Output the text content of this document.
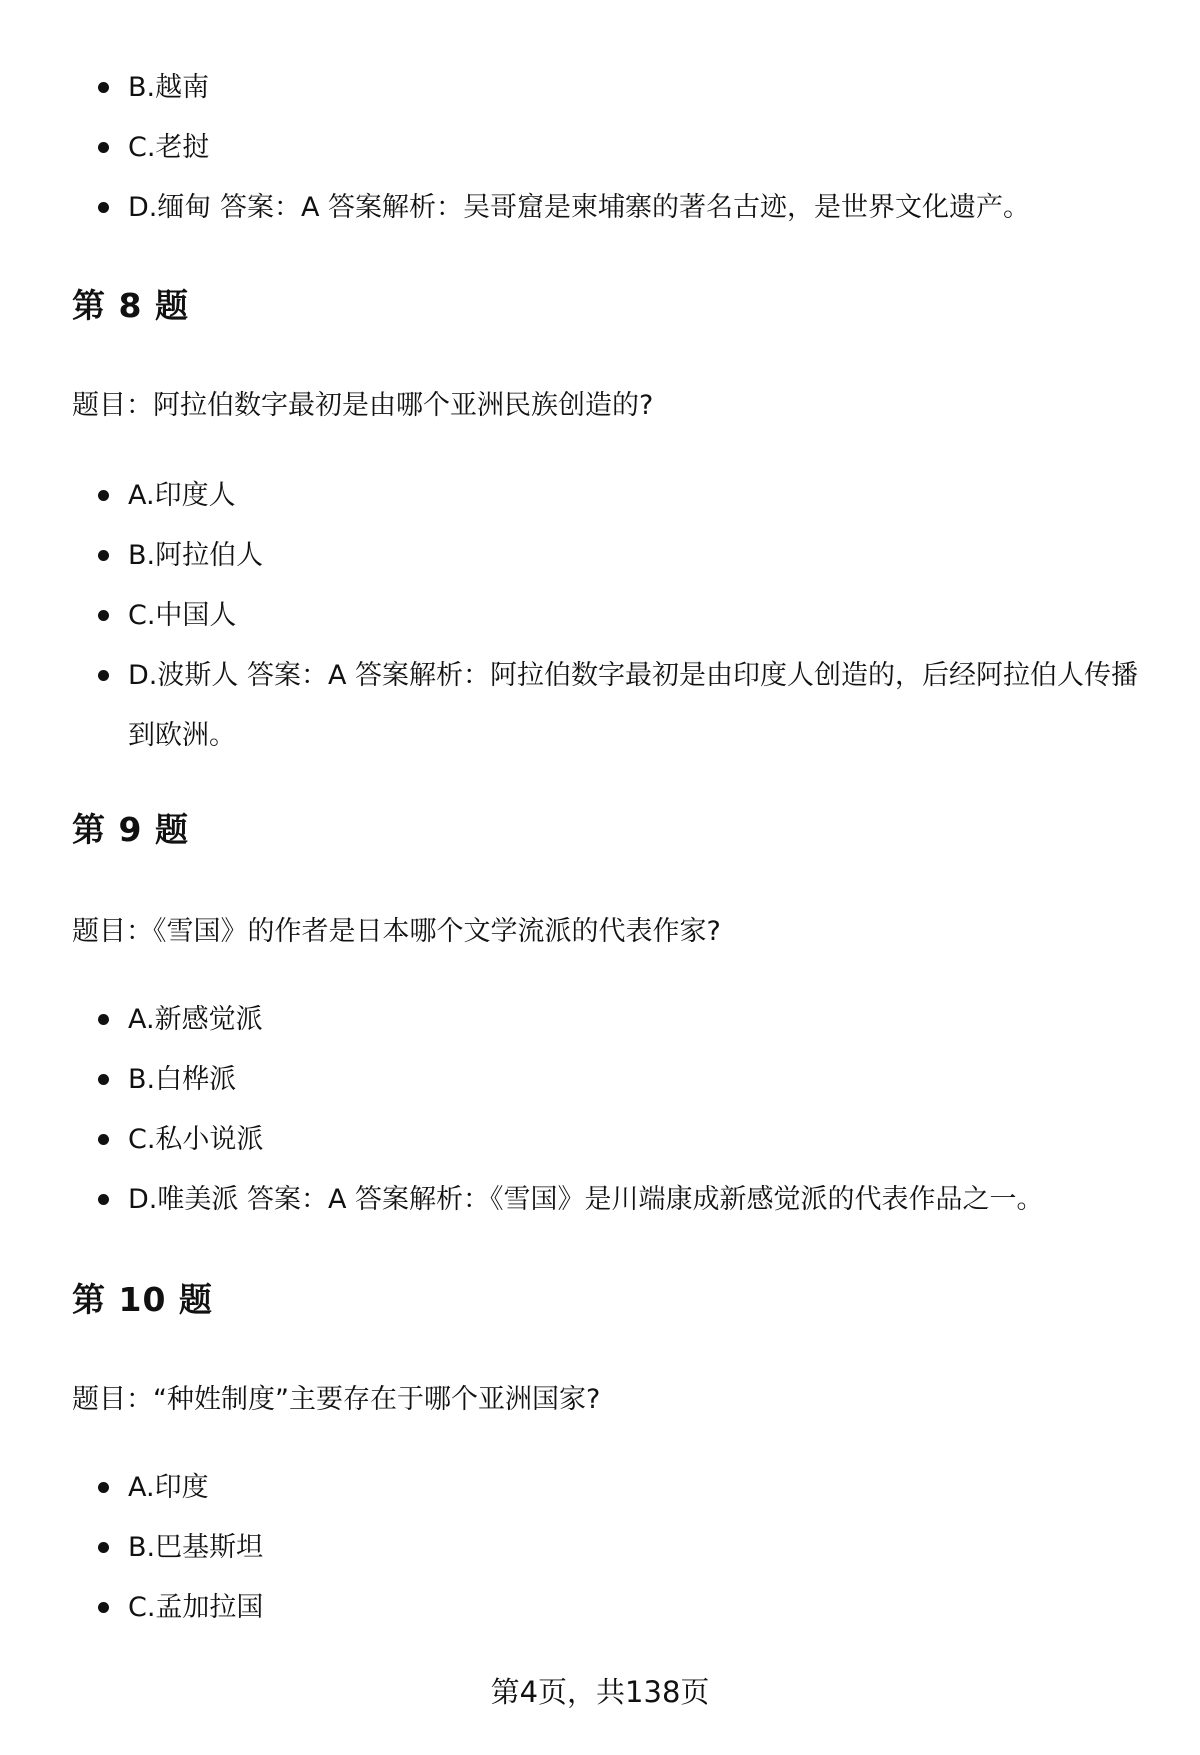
B.越南
C.老挝
D.缅甸 答案：A 答案解析：吴哥窟是柬埔寨的著名古迹，是世界文化遗产。
第 8 题

题目：阿拉伯数字最初是由哪个亚洲民族创造的?

A.印度人
B.阿拉伯人
C.中国人
D.波斯人 答案：A 答案解析：阿拉伯数字最初是由印度人创造的，后经阿拉伯人传播到欧洲。
第 9 题

题目：《雪国》的作者是日本哪个文学流派的代表作家?

A.新感觉派
B.白桦派
C.私小说派
D.唯美派 答案：A 答案解析：《雪国》是川端康成新感觉派的代表作品之一。
第 10 题

题目：“种姓制度”主要存在于哪个亚洲国家?

A.印度
B.巴基斯坦
C.孟加拉国
第4页，共138页
